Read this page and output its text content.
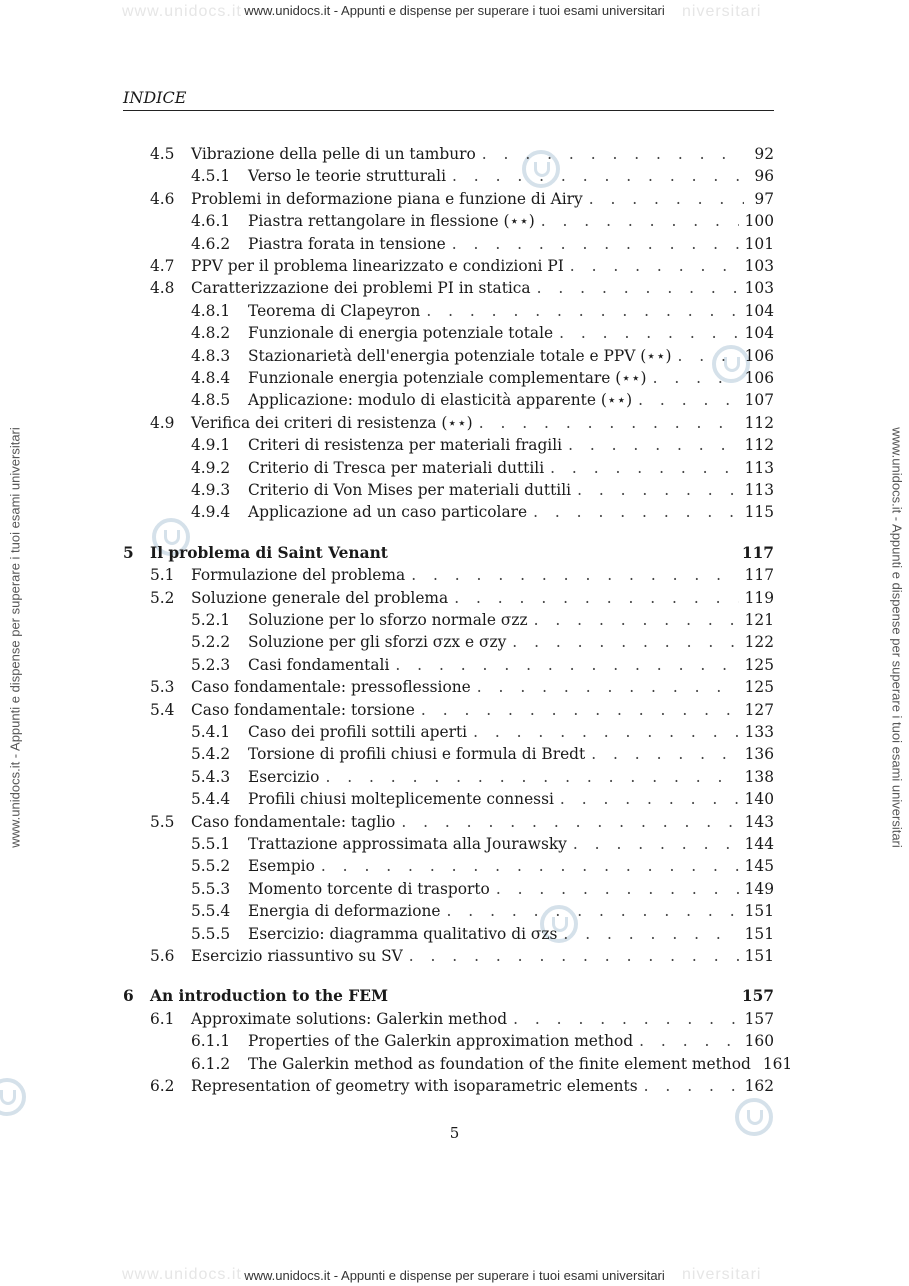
www.unidocs.it	niversitari
www.unidocs.it	niversitari
www.unidocs.it - Appunti e dispense per superare i tuoi esami universitari
www.unidocs.it - Appunti e dispense per superare i tuoi esami universitari
www.unidocs.it - Appunti e dispense per superare i tuoi esami universitari	www.unidocs.it - Appunti e dispense per superare i tuoi esami universitari
INDICE
4.5	Vibrazione della pelle di un tamburo . . .	92
4.5.1	Verso le teorie strutturali . . .	96
4.6	Problemi in deformazione piana e funzione di Airy . . .	97
4.6.1	Piastra rettangolare in flessione (⋆⋆) . . .	100
4.6.2	Piastra forata in tensione . . .	101
4.7	PPV per il problema linearizzato e condizioni PI . . .	103
4.8	Caratterizzazione dei problemi PI in statica . . .	103
4.8.1	Teorema di Clapeyron . . .	104
4.8.2	Funzionale di energia potenziale totale . . .	104
4.8.3	Stazionarietà dell'energia potenziale totale e PPV (⋆⋆) . . .	106
4.8.4	Funzionale energia potenziale complementare (⋆⋆) . . .	106
4.8.5	Applicazione: modulo di elasticità apparente (⋆⋆) . . .	107
4.9	Verifica dei criteri di resistenza (⋆⋆) . . .	112
4.9.1	Criteri di resistenza per materiali fragili . . .	112
4.9.2	Criterio di Tresca per materiali duttili . . .	113
4.9.3	Criterio di Von Mises per materiali duttili . . .	113
4.9.4	Applicazione ad un caso particolare . . .	115
5	Il problema di Saint Venant	117
5.1	Formulazione del problema . . .	117
5.2	Soluzione generale del problema . . .	119
5.2.1	Soluzione per lo sforzo normale σzz . . .	121
5.2.2	Soluzione per gli sforzi σzx e σzy . . .	122
5.2.3	Casi fondamentali . . .	125
5.3	Caso fondamentale: pressoflessione . . .	125
5.4	Caso fondamentale: torsione . . .	127
5.4.1	Caso dei profili sottili aperti . . .	133
5.4.2	Torsione di profili chiusi e formula di Bredt . . .	136
5.4.3	Esercizio . . .	138
5.4.4	Profili chiusi molteplicemente connessi . . .	140
5.5	Caso fondamentale: taglio . . .	143
5.5.1	Trattazione approssimata alla Jourawsky . . .	144
5.5.2	Esempio . . .	145
5.5.3	Momento torcente di trasporto . . .	149
5.5.4	Energia di deformazione . . .	151
5.5.5	Esercizio: diagramma qualitativo di σzs . . .	151
5.6	Esercizio riassuntivo su SV . . .	151
6	An introduction to the FEM	157
6.1	Approximate solutions: Galerkin method . . .	157
6.1.1	Properties of the Galerkin approximation method . . .	160
6.1.2	The Galerkin method as foundation of the finite element method 161
6.2	Representation of geometry with isoparametric elements . . .	162
5
